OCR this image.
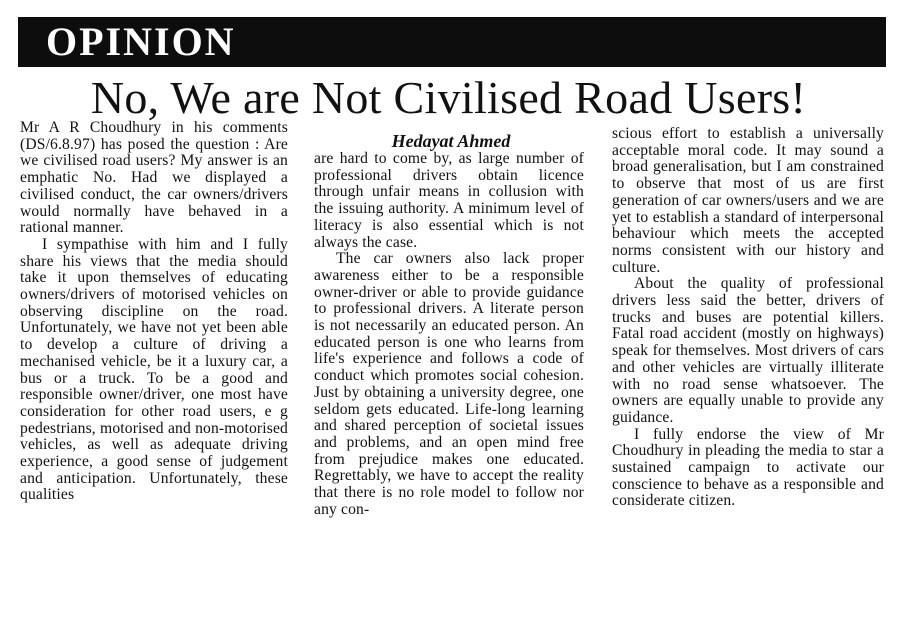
OPINION
No, We are Not Civilised Road Users!
Hedayat Ahmed

Mr A R Choudhury in his comments (DS/6.8.97) has posed the question : Are we civilised road users? My answer is an emphatic No. Had we displayed a civilised conduct, the car owners/drivers would normally have behaved in a rational manner.

I sympathise with him and I fully share his views that the media should take it upon themselves of educating owners/drivers of motorised vehicles on observing discipline on the road. Unfortunately, we have not yet been able to develop a culture of driving a mechanised vehicle, be it a luxury car, a bus or a truck. To be a good and responsible owner/driver, one most have consideration for other road users, e g pedestrians, motorised and non-motorised vehicles, as well as adequate driving experience, a good sense of judgement and anticipation. Unfortunately, these qualities

are hard to come by, as large number of professional drivers obtain licence through unfair means in collusion with the issuing authority. A minimum level of literacy is also essential which is not always the case.

The car owners also lack proper awareness either to be a responsible owner-driver or able to provide guidance to professional drivers. A literate person is not necessarily an educated person. An educated person is one who learns from life's experience and follows a code of conduct which promotes social cohesion. Just by obtaining a university degree, one seldom gets educated. Life-long learning and shared perception of societal issues and problems, and an open mind free from prejudice makes one educated. Regrettably, we have to accept the reality that there is no role model to follow nor any con-

scious effort to establish a universally acceptable moral code. It may sound a broad generalisation, but I am constrained to observe that most of us are first generation of car owners/users and we are yet to establish a standard of interpersonal behaviour which meets the accepted norms consistent with our history and culture.

About the quality of professional drivers less said the better, drivers of trucks and buses are potential killers. Fatal road accident (mostly on highways) speak for themselves. Most drivers of cars and other vehicles are virtually illiterate with no road sense whatsoever. The owners are equally unable to provide any guidance.

I fully endorse the view of Mr Choudhury in pleading the media to star a sustained campaign to activate our conscience to behave as a responsible and considerate citizen.
